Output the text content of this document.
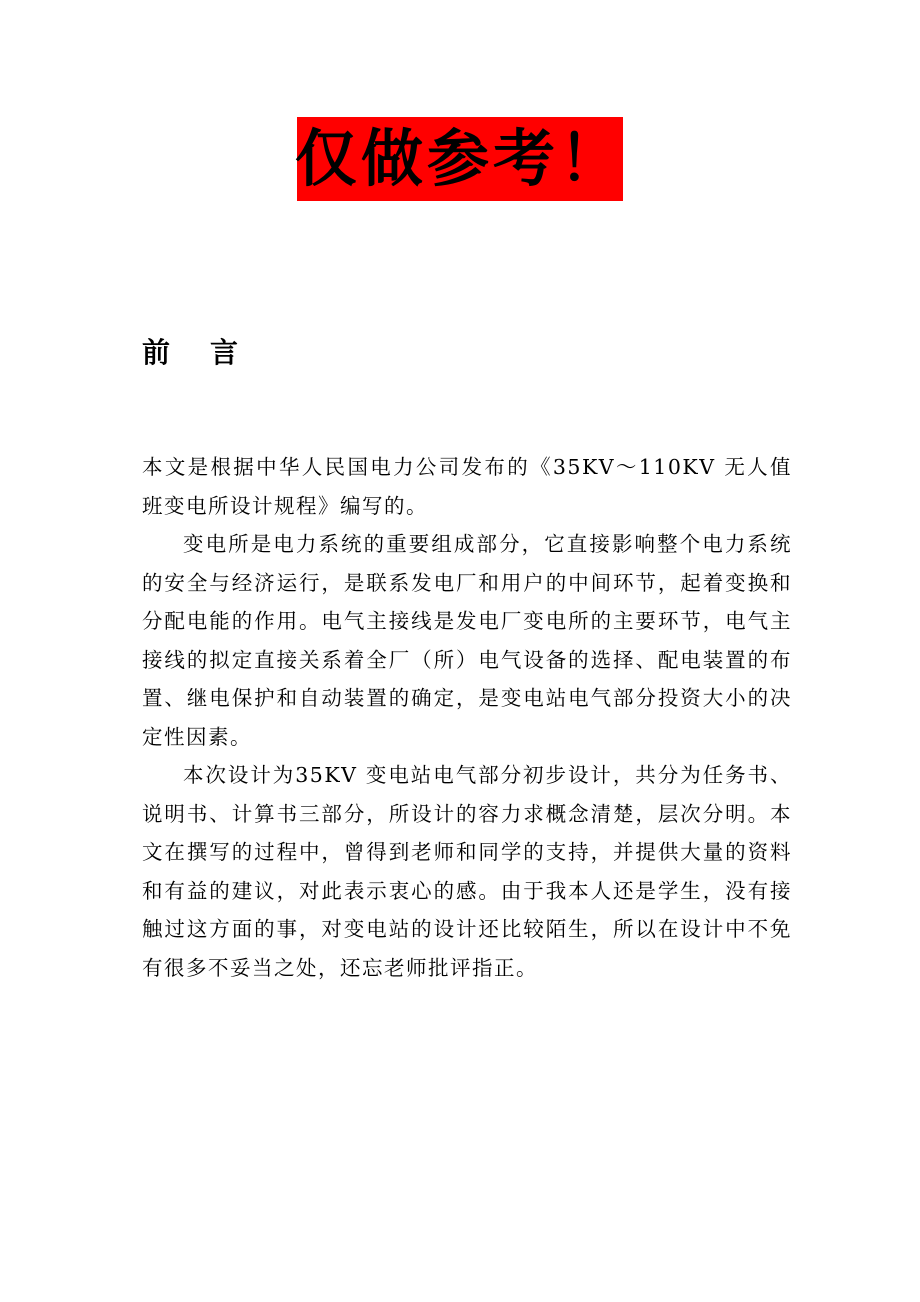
仅做参考！
前言

本文是根据中华人民国电力公司发布的《35KV～110KV 无人值班变电所设计规程》编写的。

变电所是电力系统的重要组成部分，它直接影响整个电力系统的安全与经济运行，是联系发电厂和用户的中间环节，起着变换和分配电能的作用。电气主接线是发电厂变电所的主要环节，电气主接线的拟定直接关系着全厂（所）电气设备的选择、配电装置的布置、继电保护和自动装置的确定，是变电站电气部分投资大小的决定性因素。

本次设计为35KV 变电站电气部分初步设计，共分为任务书、说明书、计算书三部分，所设计的容力求概念清楚，层次分明。本文在撰写的过程中，曾得到老师和同学的支持，并提供大量的资料和有益的建议，对此表示衷心的感。由于我本人还是学生，没有接触过这方面的事，对变电站的设计还比较陌生，所以在设计中不免有很多不妥当之处，还忘老师批评指正。
